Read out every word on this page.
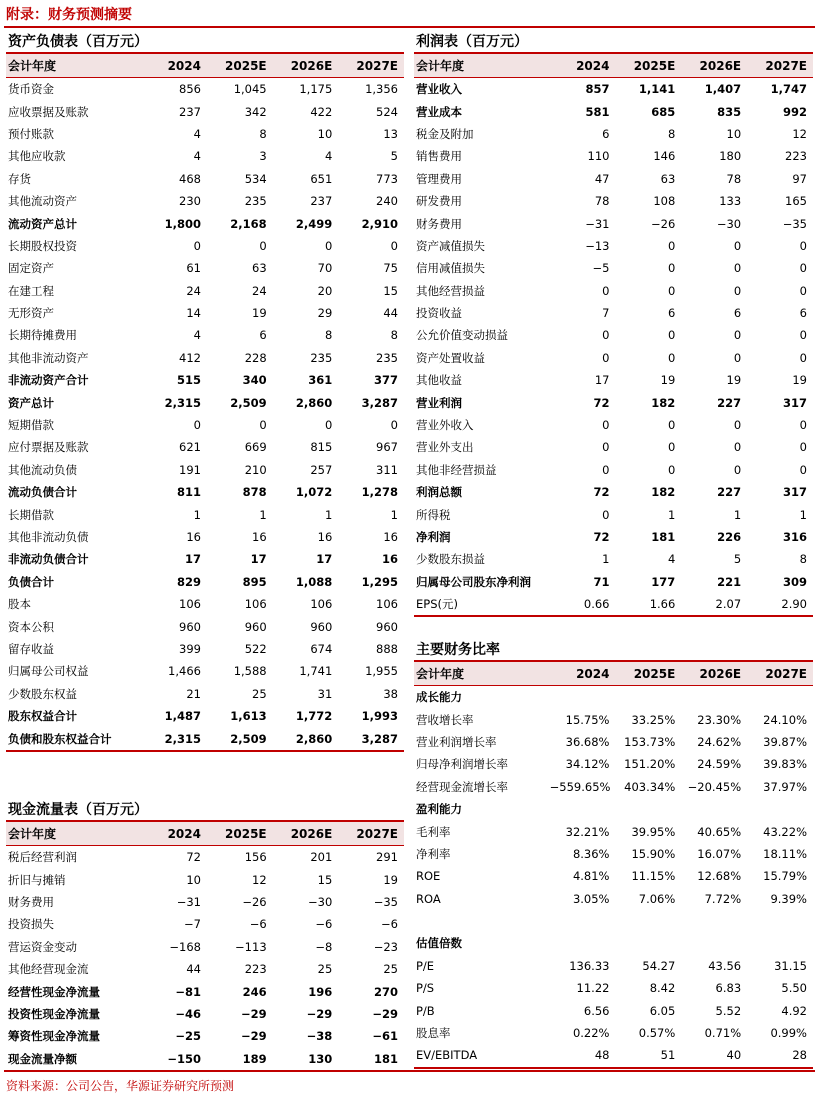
附录：财务预测摘要
资产负债表（百万元）
会计年度	2024	2025E	2026E	2027E
货币资金	856	1,045	1,175	1,356
应收票据及账款	237	342	422	524
预付账款	4	8	10	13
其他应收款	4	3	4	5
存货	468	534	651	773
其他流动资产	230	235	237	240
流动资产总计	1,800	2,168	2,499	2,910
长期股权投资	0	0	0	0
固定资产	61	63	70	75
在建工程	24	24	20	15
无形资产	14	19	29	44
长期待摊费用	4	6	8	8
其他非流动资产	412	228	235	235
非流动资产合计	515	340	361	377
资产总计	2,315	2,509	2,860	3,287
短期借款	0	0	0	0
应付票据及账款	621	669	815	967
其他流动负债	191	210	257	311
流动负债合计	811	878	1,072	1,278
长期借款	1	1	1	1
其他非流动负债	16	16	16	16
非流动负债合计	17	17	17	16
负债合计	829	895	1,088	1,295
股本	106	106	106	106
资本公积	960	960	960	960
留存收益	399	522	674	888
归属母公司权益	1,466	1,588	1,741	1,955
少数股东权益	21	25	31	38
股东权益合计	1,487	1,613	1,772	1,993
负债和股东权益合计	2,315	2,509	2,860	3,287
利润表（百万元）
会计年度	2024	2025E	2026E	2027E
营业收入	857	1,141	1,407	1,747
营业成本	581	685	835	992
税金及附加	6	8	10	12
销售费用	110	146	180	223
管理费用	47	63	78	97
研发费用	78	108	133	165
财务费用	−31	−26	−30	−35
资产减值损失	−13	0	0	0
信用减值损失	−5	0	0	0
其他经营损益	0	0	0	0
投资收益	7	6	6	6
公允价值变动损益	0	0	0	0
资产处置收益	0	0	0	0
其他收益	17	19	19	19
营业利润	72	182	227	317
营业外收入	0	0	0	0
营业外支出	0	0	0	0
其他非经营损益	0	0	0	0
利润总额	72	182	227	317
所得税	0	1	1	1
净利润	72	181	226	316
少数股东损益	1	4	5	8
归属母公司股东净利润	71	177	221	309
EPS(元)	0.66	1.66	2.07	2.90
主要财务比率
会计年度	2024	2025E	2026E	2027E
成长能力				
营收增长率	15.75%	33.25%	23.30%	24.10%
营业利润增长率	36.68%	153.73%	24.62%	39.87%
归母净利润增长率	34.12%	151.20%	24.59%	39.83%
经营现金流增长率	−559.65%	403.34%	−20.45%	37.97%
盈利能力				
毛利率	32.21%	39.95%	40.65%	43.22%
净利率	8.36%	15.90%	16.07%	18.11%
ROE	4.81%	11.15%	12.68%	15.79%
ROA	3.05%	7.06%	7.72%	9.39%

估值倍数				
P/E	136.33	54.27	43.56	31.15
P/S	11.22	8.42	6.83	5.50
P/B	6.56	6.05	5.52	4.92
股息率	0.22%	0.57%	0.71%	0.99%
EV/EBITDA	48	51	40	28
现金流量表（百万元）
会计年度	2024	2025E	2026E	2027E
税后经营利润	72	156	201	291
折旧与摊销	10	12	15	19
财务费用	−31	−26	−30	−35
投资损失	−7	−6	−6	−6
营运资金变动	−168	−113	−8	−23
其他经营现金流	44	223	25	25
经营性现金净流量	−81	246	196	270
投资性现金净流量	−46	−29	−29	−29
筹资性现金净流量	−25	−29	−38	−61
现金流量净额	−150	189	130	181
资料来源：公司公告，华源证券研究所预测
